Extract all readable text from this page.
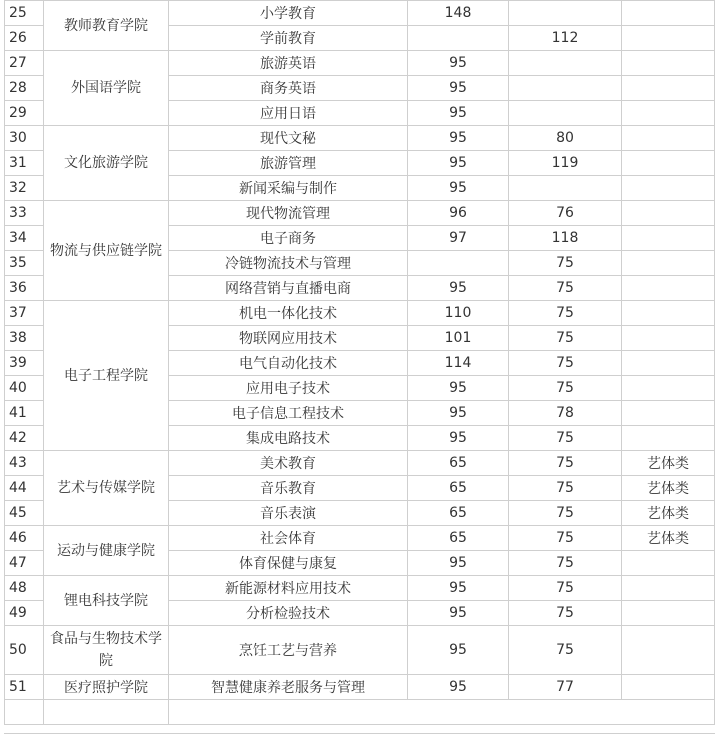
25	教师教育学院	小学教育	148		
26		学前教育		112	
27	外国语学院	旅游英语	95		
28		商务英语	95		
29		应用日语	95		
30	文化旅游学院	现代文秘	95	80	
31		旅游管理	95	119	
32		新闻采编与制作	95		
33	物流与供应链学院	现代物流管理	96	76	
34		电子商务	97	118	
35		冷链物流技术与管理		75	
36		网络营销与直播电商	95	75	
37	电子工程学院	机电一体化技术	110	75	
38		物联网应用技术	101	75	
39		电气自动化技术	114	75	
40		应用电子技术	95	75	
41		电子信息工程技术	95	78	
42		集成电路技术	95	75	
43	艺术与传媒学院	美术教育	65	75	艺体类
44		音乐教育	65	75	艺体类
45		音乐表演	65	75	艺体类
46	运动与健康学院	社会体育	65	75	艺体类
47		体育保健与康复	95	75	
48	锂电科技学院	新能源材料应用技术	95	75	
49		分析检验技术	95	75	
50	食品与生物技术学院	烹饪工艺与营养	95	75	
51	医疗照护学院	智慧健康养老服务与管理	95	77	
